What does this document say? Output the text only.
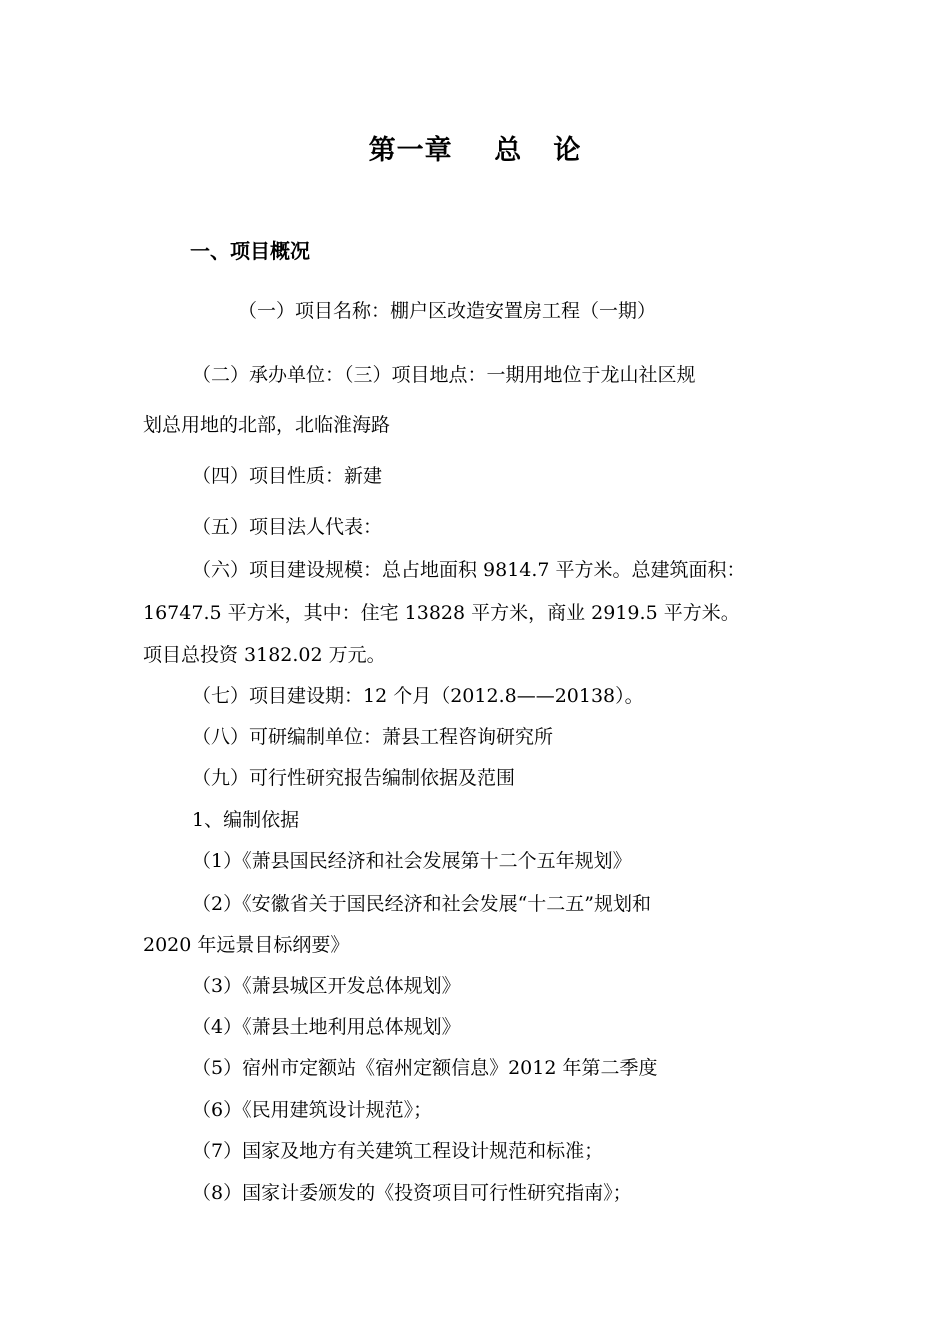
第一章    总   论
一、项目概况
（一）项目名称：棚户区改造安置房工程（一期）
（二）承办单位：（三）项目地点：一期用地位于龙山社区规
划总用地的北部，北临淮海路
（四）项目性质：新建
（五）项目法人代表：
（六）项目建设规模：总占地面积 9814.7 平方米。总建筑面积：
16747.5 平方米，其中：住宅 13828 平方米，商业 2919.5 平方米。
项目总投资 3182.02 万元。
（七）项目建设期：12 个月（2012.8——20138）。
（八）可研编制单位：萧县工程咨询研究所
（九）可行性研究报告编制依据及范围
1、编制依据
（1）《萧县国民经济和社会发展第十二个五年规划》
（2）《安徽省关于国民经济和社会发展“十二五”规划和
2020 年远景目标纲要》
（3）《萧县城区开发总体规划》
（4）《萧县土地利用总体规划》
（5）宿州市定额站《宿州定额信息》2012 年第二季度
（6）《民用建筑设计规范》；
（7）国家及地方有关建筑工程设计规范和标准；
（8）国家计委颁发的《投资项目可行性研究指南》；
